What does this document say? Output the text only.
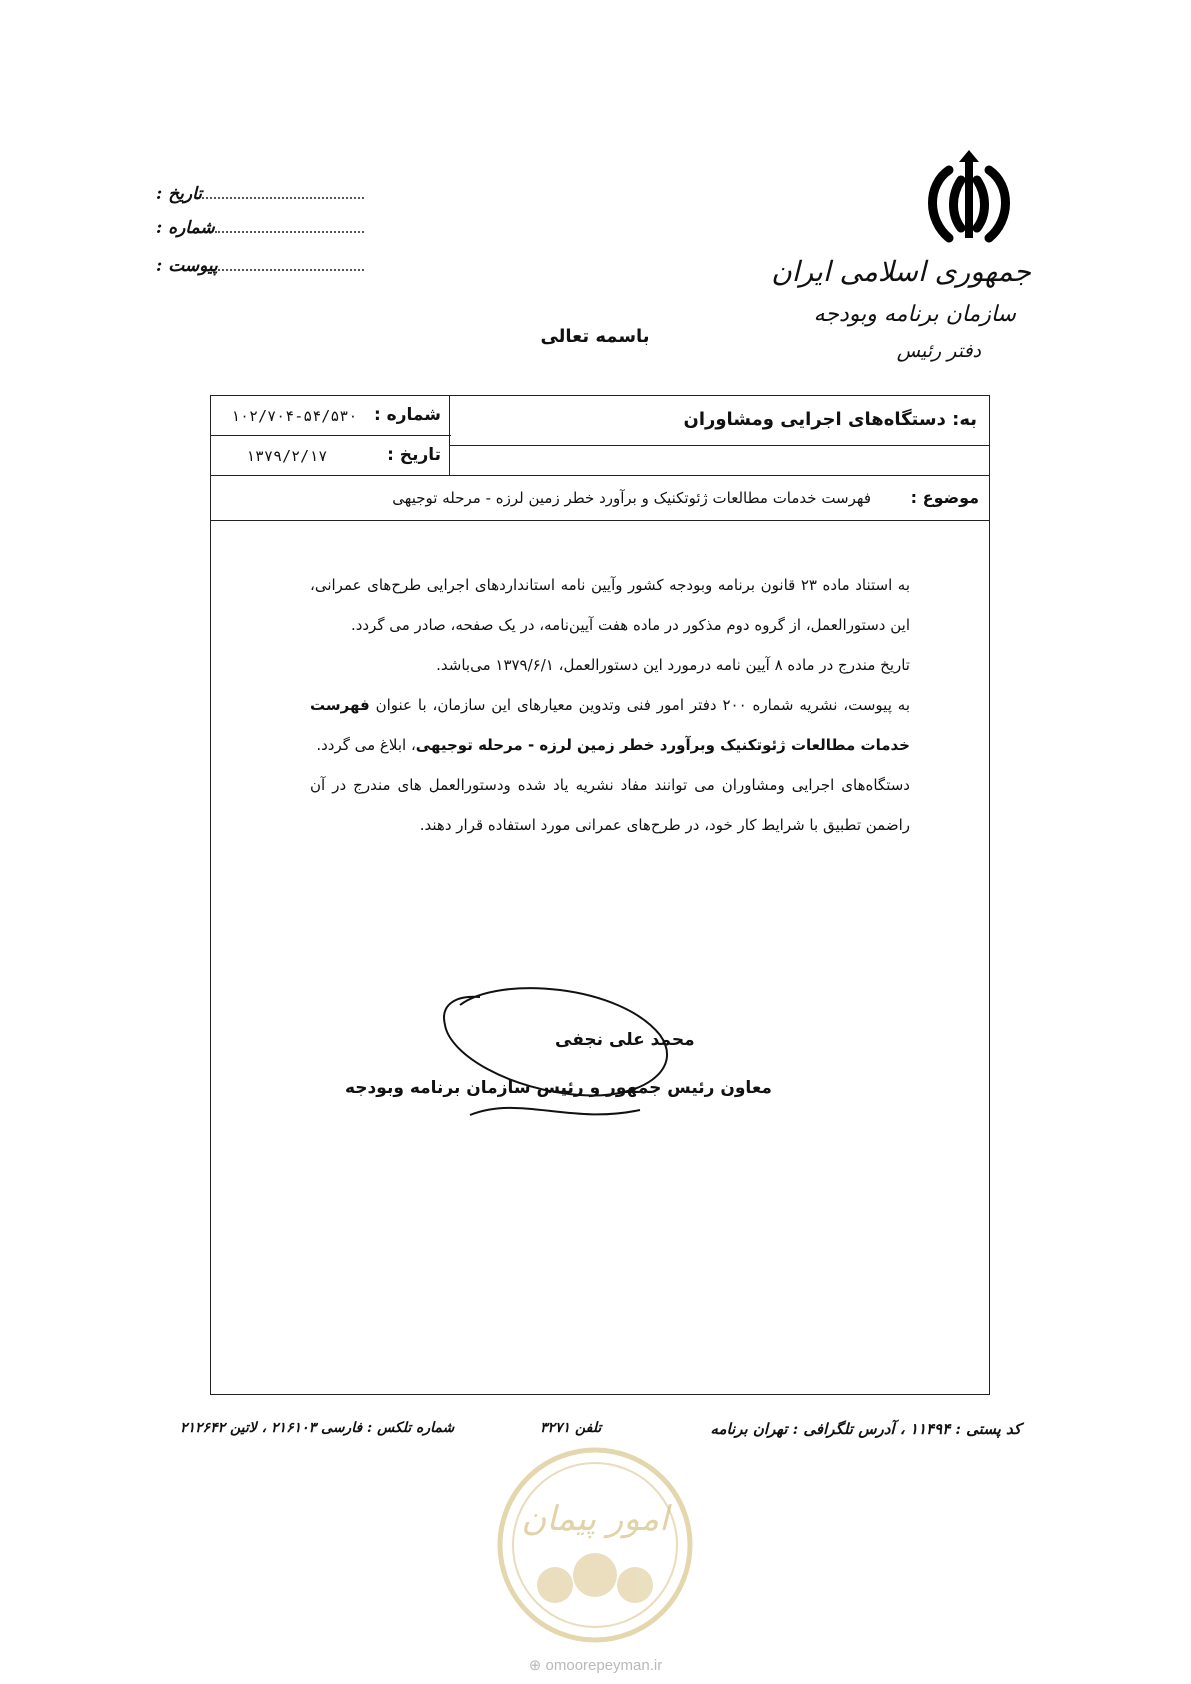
جمهوری اسلامی ایران
سازمان برنامه وبودجه
دفتر رئیس
تاریخ :
شماره :
پیوست :
باسمه تعالی
به: دستگاه‌های اجرایی ومشاوران
شماره :
۱۰۲/۷۰۴-۵۴/۵۳۰
تاریخ :
۱۳۷۹/۲/۱۷
موضوع :
فهرست خدمات مطالعات ژئوتکنیک و برآورد خطر زمین لرزه - مرحله توجیهی

به استناد ماده ۲۳ قانون برنامه وبودجه کشور وآیین نامه استانداردهای اجرایی طرح‌های عمرانی، این دستورالعمل، از گروه دوم مذکور در ماده هفت آیین‌نامه، در یک صفحه، صادر می گردد.

تاریخ مندرج در ماده ۸ آیین نامه درمورد این دستورالعمل، ۱۳۷۹/۶/۱ می‌باشد.

به پیوست، نشریه شماره ۲۰۰ دفتر امور فنی وتدوین معیارهای این سازمان، با عنوان فهرست خدمات مطالعات ژئوتکنیک وبرآورد خطر زمین لرزه - مرحله توجیهی، ابلاغ می گردد.

دستگاه‌های اجرایی ومشاوران می توانند مفاد نشریه یاد شده ودستورالعمل های مندرج در آن راضمن تطبیق با شرایط کار خود، در طرح‌های عمرانی مورد استفاده قرار دهند.

محمد علی نجفی
معاون رئیس جمهور و رئیس سازمان برنامه وبودجه
کد پستی : ۱۱۴۹۴ ، آدرس تلگرافی : تهران برنامه
تلفن ۳۲۷۱
شماره تلکس : فارسی ۲۱۶۱۰۳ ، لاتین ۲۱۲۶۴۲
امور پیمان
⊕ omoorepeyman.ir
